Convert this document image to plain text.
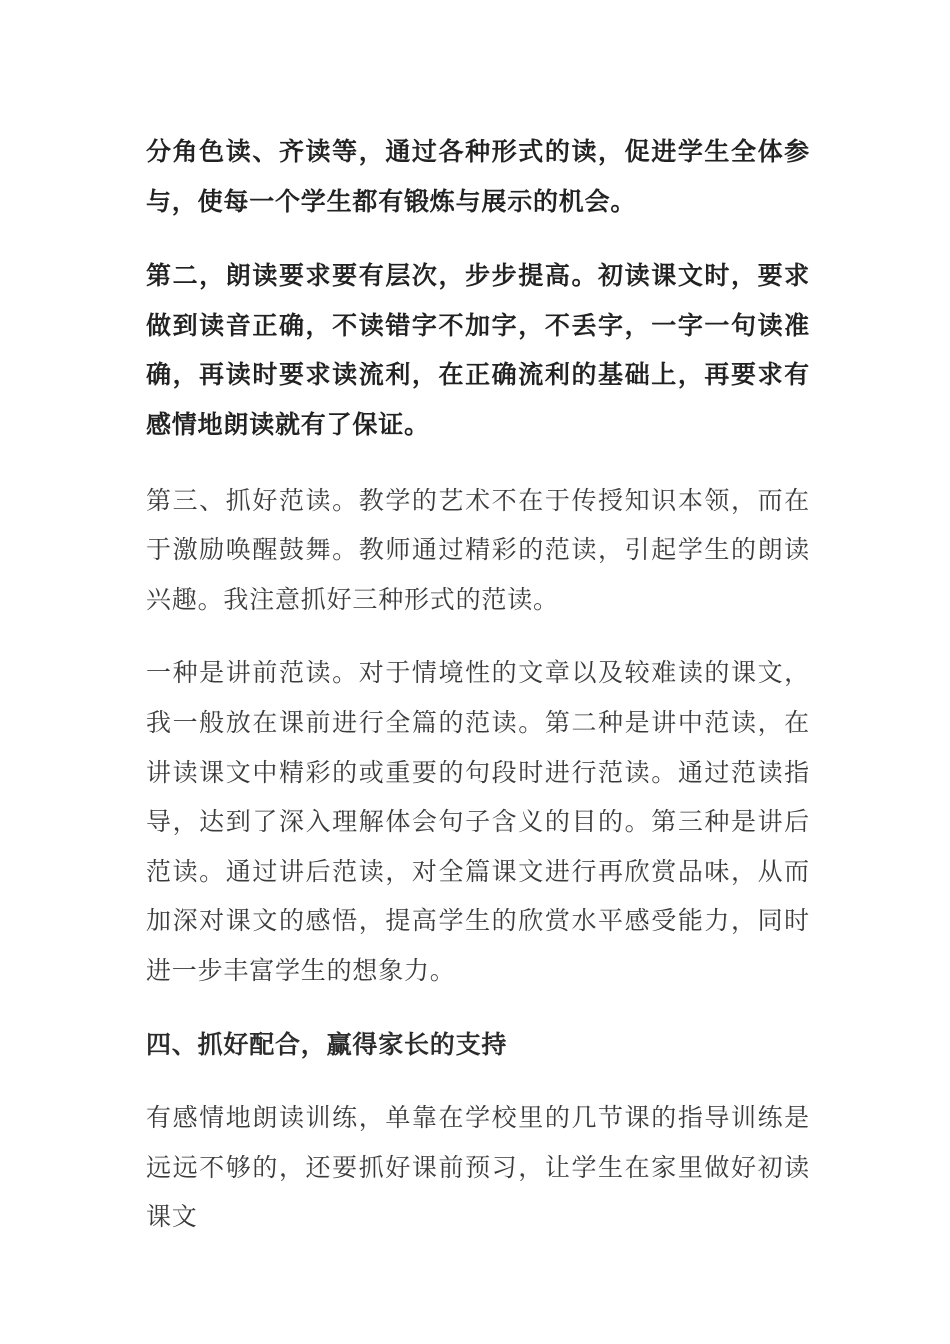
分角色读、齐读等，通过各种形式的读，促进学生全体参与，使每一个学生都有锻炼与展示的机会。

第二，朗读要求要有层次，步步提高。初读课文时，要求做到读音正确，不读错字不加字，不丢字，一字一句读准确，再读时要求读流利，在正确流利的基础上，再要求有感情地朗读就有了保证。

第三、抓好范读。教学的艺术不在于传授知识本领，而在于激励唤醒鼓舞。教师通过精彩的范读，引起学生的朗读兴趣。我注意抓好三种形式的范读。

一种是讲前范读。对于情境性的文章以及较难读的课文，我一般放在课前进行全篇的范读。第二种是讲中范读，在讲读课文中精彩的或重要的句段时进行范读。通过范读指导，达到了深入理解体会句子含义的目的。第三种是讲后范读。通过讲后范读，对全篇课文进行再欣赏品味，从而加深对课文的感悟，提高学生的欣赏水平感受能力，同时进一步丰富学生的想象力。

四、抓好配合，赢得家长的支持

有感情地朗读训练，单靠在学校里的几节课的指导训练是远远不够的，还要抓好课前预习，让学生在家里做好初读课文
